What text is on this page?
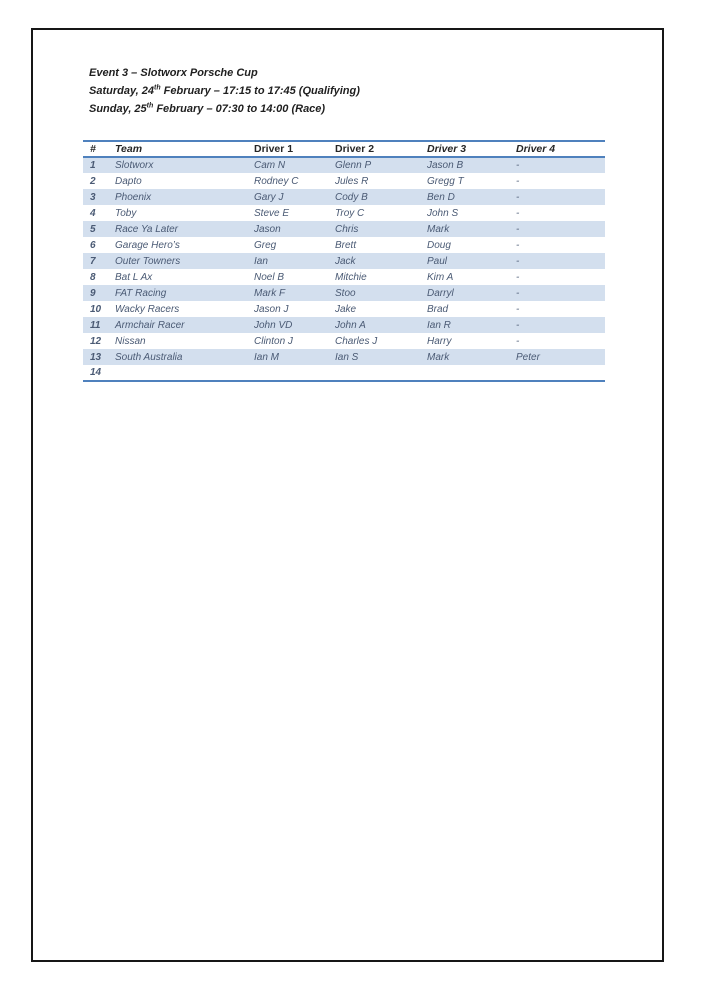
Event 3 – Slotworx Porsche Cup
Saturday, 24th February – 17:15 to 17:45 (Qualifying)
Sunday, 25th February – 07:30 to 14:00 (Race)
#	Team	Driver 1	Driver 2	Driver 3	Driver 4
1	Slotworx	Cam N	Glenn P	Jason B	-
2	Dapto	Rodney C	Jules R	Gregg T	-
3	Phoenix	Gary J	Cody B	Ben D	-
4	Toby	Steve E	Troy C	John S	-
5	Race Ya Later	Jason	Chris	Mark	-
6	Garage Hero’s	Greg	Brett	Doug	-
7	Outer Towners	Ian	Jack	Paul	-
8	Bat L Ax	Noel B	Mitchie	Kim A	-
9	FAT Racing	Mark F	Stoo	Darryl	-
10	Wacky Racers	Jason J	Jake	Brad	-
11	Armchair Racer	John VD	John A	Ian R	-
12	Nissan	Clinton J	Charles J	Harry	-
13	South Australia	Ian M	Ian S	Mark	Peter
14					
